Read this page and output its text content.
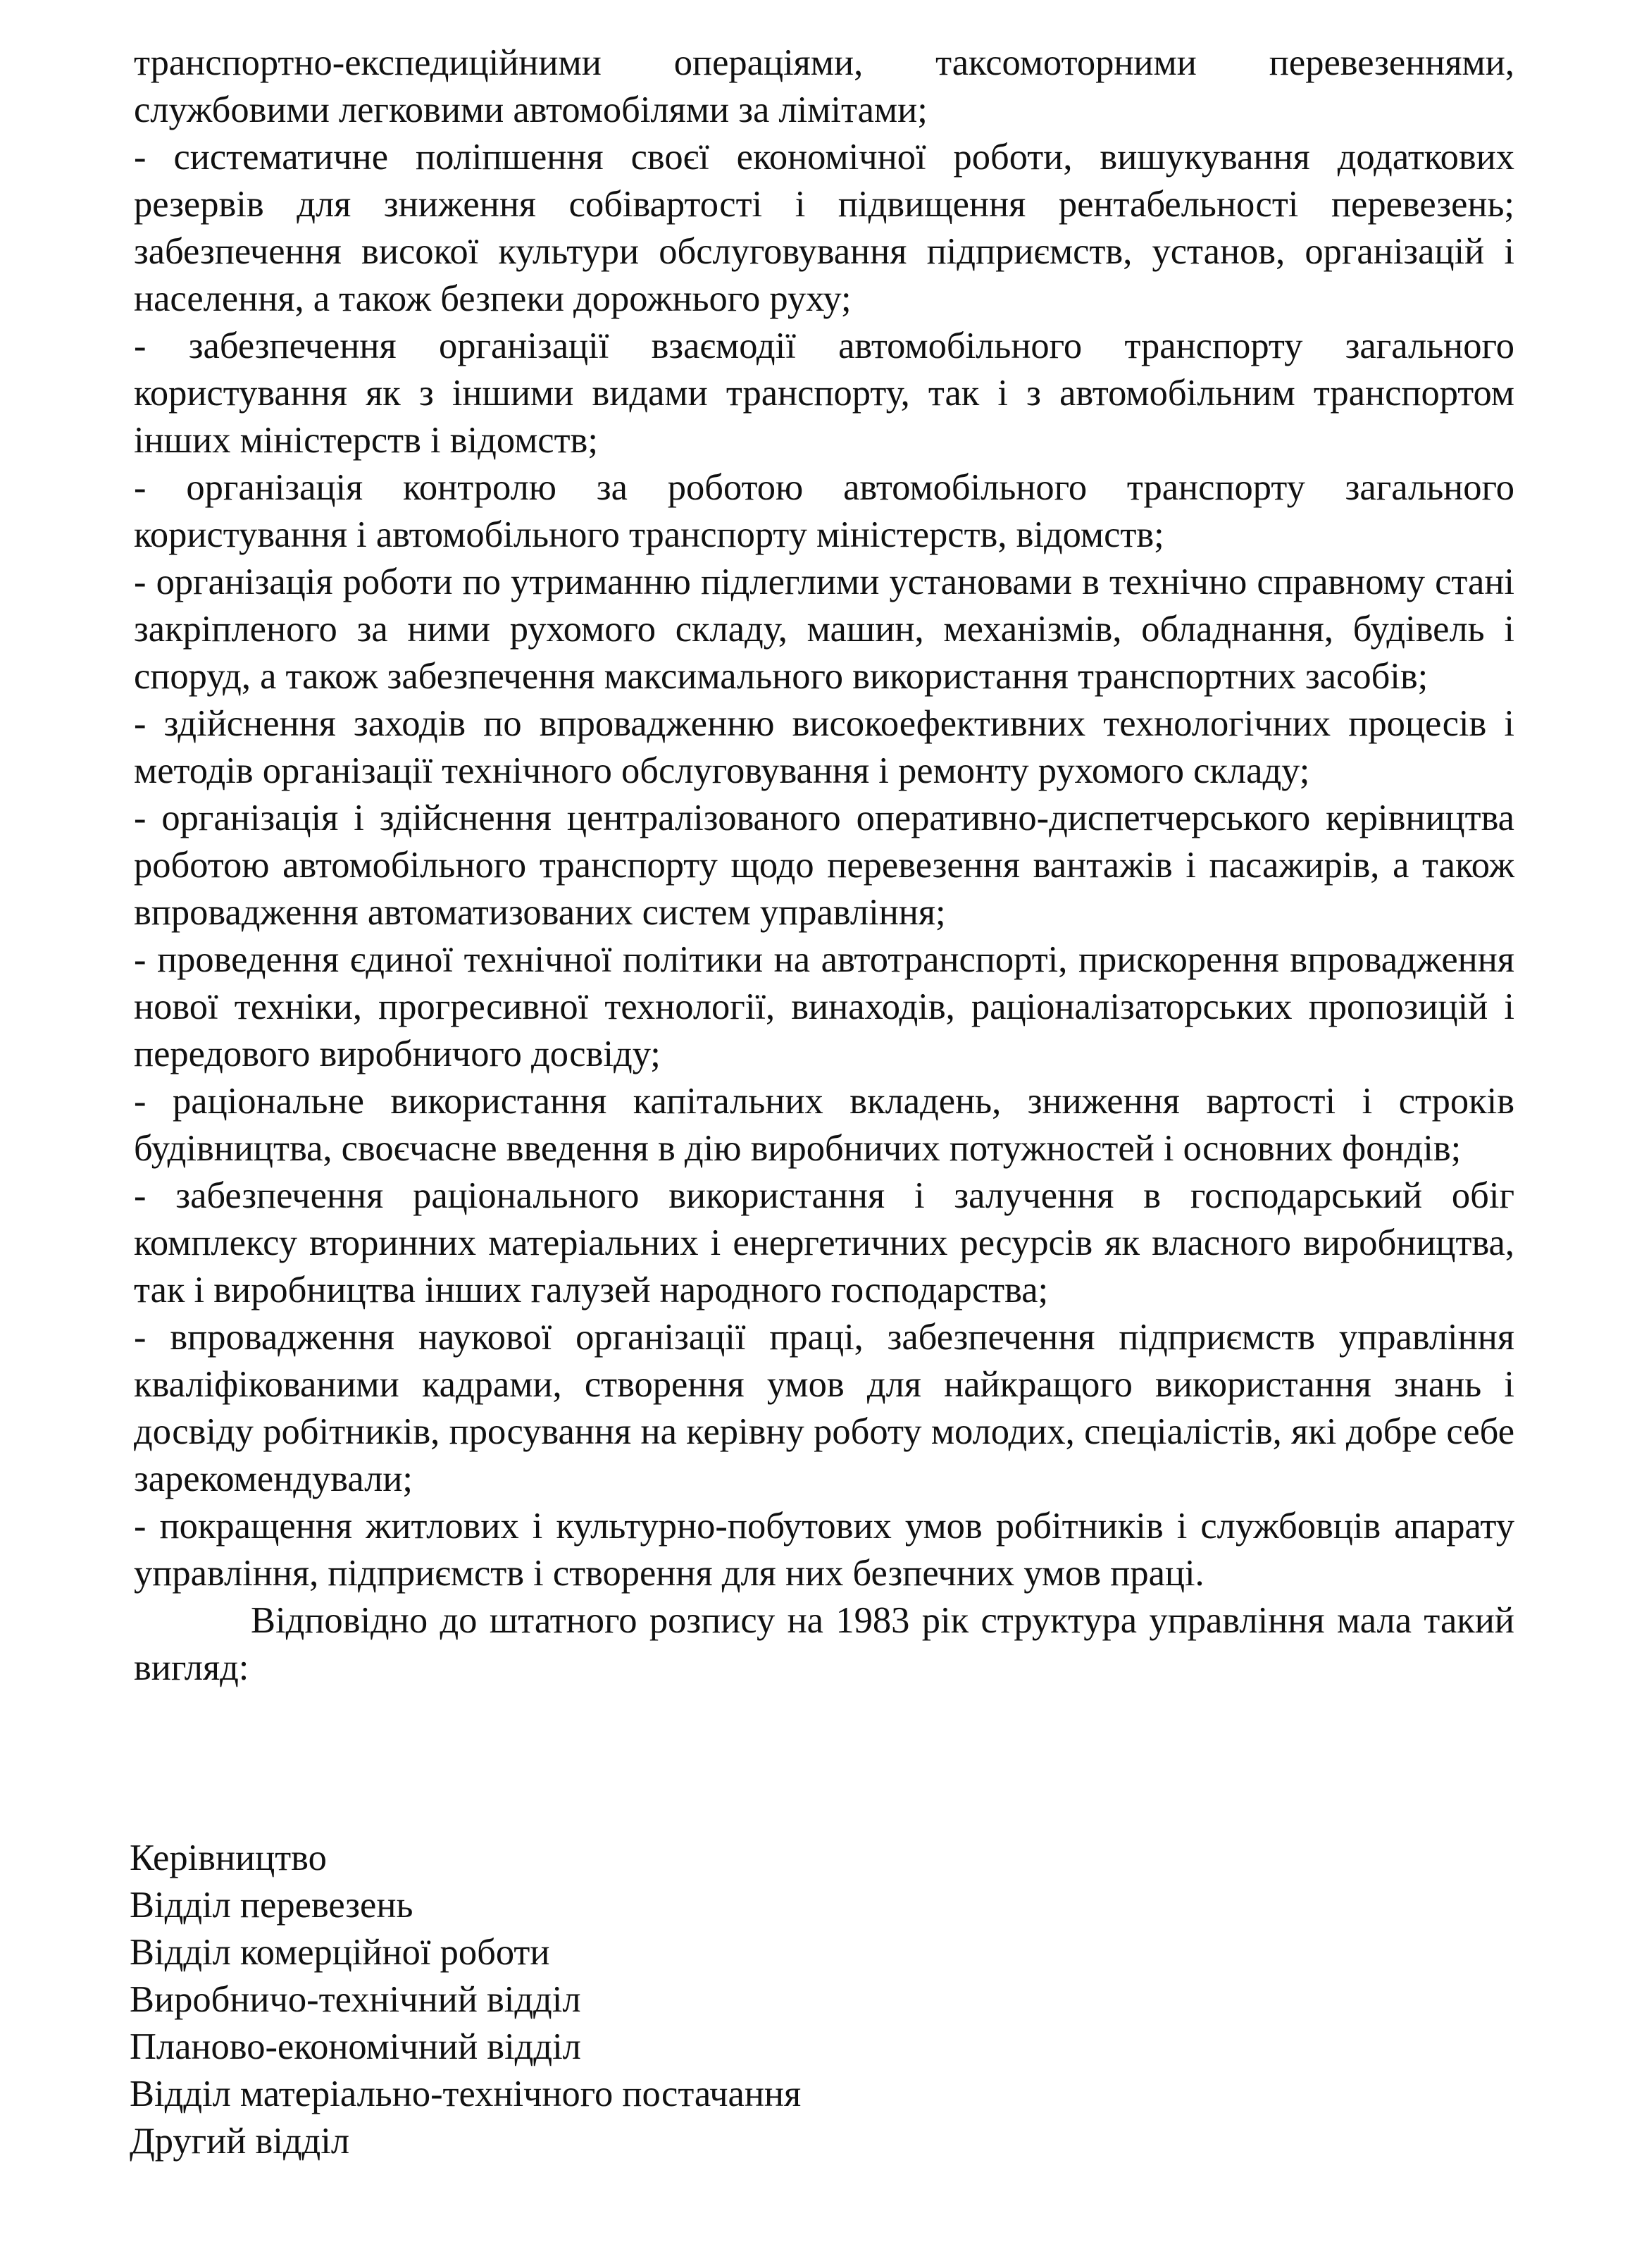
транспортно-експедиційними операціями, таксомоторними перевезеннями, службовими легковими автомобілями за лімітами;

- систематичне поліпшення своєї економічної роботи, вишукування додаткових резервів для зниження собівартості і підвищення рентабельності перевезень; забезпечення високої культури обслуговування підприємств, установ, організацій і населення, а також безпеки дорожнього руху;

- забезпечення організації взаємодії автомобільного транспорту загального користування як з іншими видами транспорту, так і з автомобільним транспортом інших міністерств і відомств;

- організація контролю за роботою автомобільного транспорту загального користування і автомобільного транспорту міністерств, відомств;

- організація роботи по утриманню підлеглими установами в технічно справному стані закріпленого за ними рухомого складу, машин, механізмів, обладнання, будівель і споруд, а також забезпечення максимального використання транспортних засобів;

- здійснення заходів по впровадженню високоефективних технологічних процесів і методів організації технічного обслуговування і ремонту рухомого складу;

- організація і здійснення централізованого оперативно-диспетчерського керівництва роботою автомобільного транспорту щодо перевезення вантажів і пасажирів, а також впровадження автоматизованих систем управління;

- проведення єдиної технічної політики на автотранспорті, прискорення впровадження нової техніки, прогресивної технології, винаходів, раціоналізаторських пропозицій і передового виробничого досвіду;

- раціональне використання капітальних вкладень, зниження вартості і строків будівництва, своєчасне введення в дію виробничих потужностей і основних фондів;

- забезпечення раціонального використання і залучення в господарський обіг комплексу вторинних матеріальних і енергетичних ресурсів як власного виробництва, так і виробництва інших галузей народного господарства;

- впровадження наукової організації праці, забезпечення підприємств управління кваліфікованими кадрами, створення умов для найкращого використання знань і досвіду робітників, просування на керівну роботу молодих, спеціалістів, які добре себе зарекомендували;

- покращення житлових і культурно-побутових умов робітників і службовців апарату управління, підприємств і створення для них безпечних умов праці.

Відповідно до штатного розпису на 1983 рік структура управління мала такий вигляд:

Керівництво
Відділ перевезень
Відділ комерційної роботи
Виробничо-технічний відділ
Планово-економічний відділ
Відділ матеріально-технічного постачання
Другий відділ
